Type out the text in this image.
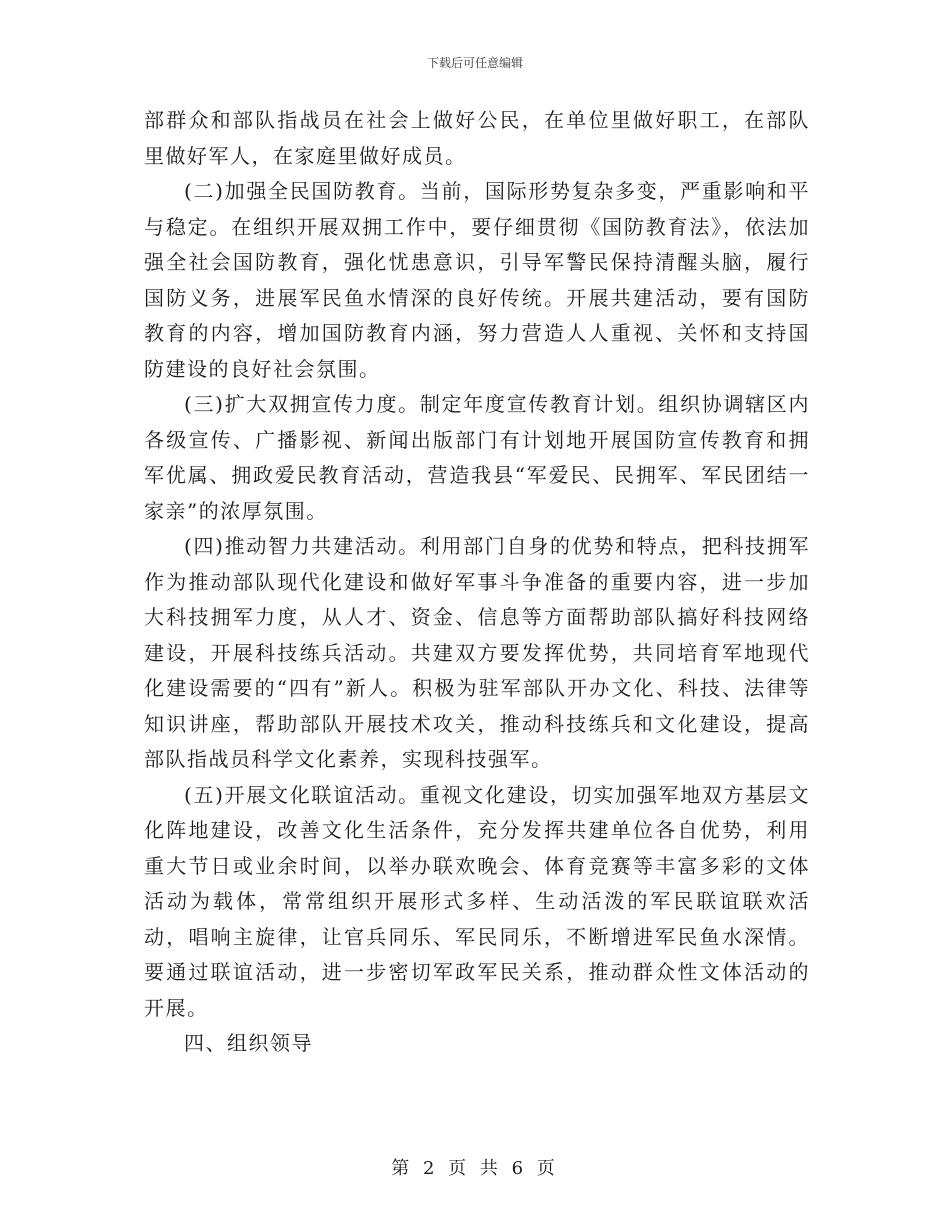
下载后可任意编辑

部群众和部队指战员在社会上做好公民，在单位里做好职工，在部队里做好军人，在家庭里做好成员。

(二)加强全民国防教育。当前，国际形势复杂多变，严重影响和平与稳定。在组织开展双拥工作中，要仔细贯彻《国防教育法》，依法加强全社会国防教育，强化忧患意识，引导军警民保持清醒头脑，履行国防义务，进展军民鱼水情深的良好传统。开展共建活动，要有国防教育的内容，增加国防教育内涵，努力营造人人重视、关怀和支持国防建设的良好社会氛围。

(三)扩大双拥宣传力度。制定年度宣传教育计划。组织协调辖区内各级宣传、广播影视、新闻出版部门有计划地开展国防宣传教育和拥军优属、拥政爱民教育活动，营造我县“军爱民、民拥军、军民团结一家亲”的浓厚氛围。

(四)推动智力共建活动。利用部门自身的优势和特点，把科技拥军作为推动部队现代化建设和做好军事斗争准备的重要内容，进一步加大科技拥军力度，从人才、资金、信息等方面帮助部队搞好科技网络建设，开展科技练兵活动。共建双方要发挥优势，共同培育军地现代化建设需要的“四有”新人。积极为驻军部队开办文化、科技、法律等知识讲座，帮助部队开展技术攻关，推动科技练兵和文化建设，提高部队指战员科学文化素养，实现科技强军。

(五)开展文化联谊活动。重视文化建设，切实加强军地双方基层文化阵地建设，改善文化生活条件，充分发挥共建单位各自优势，利用重大节日或业余时间，以举办联欢晚会、体育竞赛等丰富多彩的文体活动为载体，常常组织开展形式多样、生动活泼的军民联谊联欢活动，唱响主旋律，让官兵同乐、军民同乐，不断增进军民鱼水深情。要通过联谊活动，进一步密切军政军民关系，推动群众性文体活动的开展。

四、组织领导

第 2 页 共 6 页
